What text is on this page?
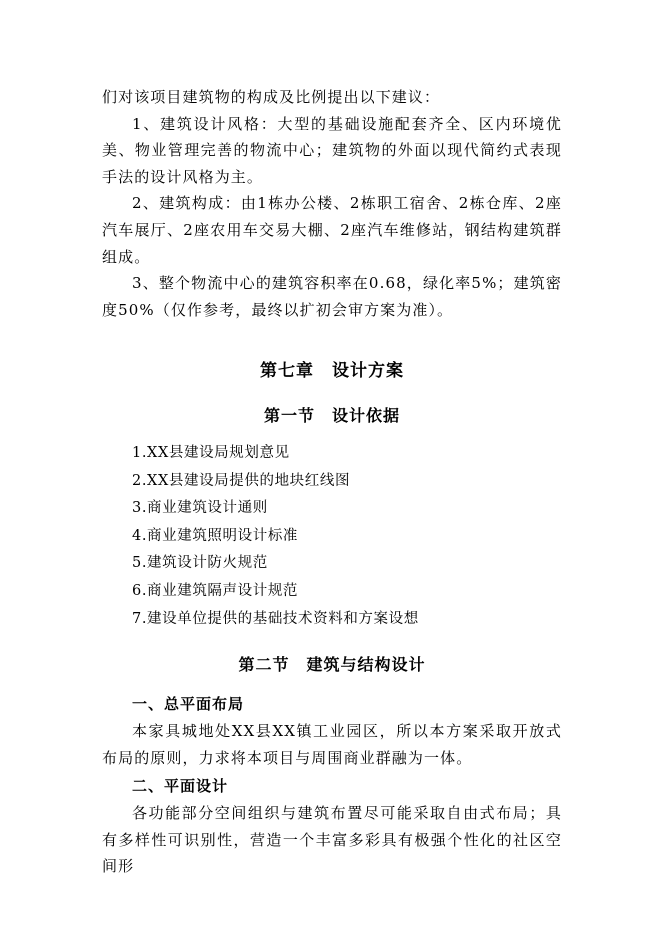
们对该项目建筑物的构成及比例提出以下建议：

1、建筑设计风格：大型的基础设施配套齐全、区内环境优美、物业管理完善的物流中心；建筑物的外面以现代简约式表现手法的设计风格为主。

2、建筑构成：由1栋办公楼、2栋职工宿舍、2栋仓库、2座汽车展厅、2座农用车交易大棚、2座汽车维修站，钢结构建筑群组成。

3、整个物流中心的建筑容积率在0.68，绿化率5%；建筑密度50%（仅作参考，最终以扩初会审方案为准）。

第七章　设计方案
第一节　设计依据
1.XX县建设局规划意见
2.XX县建设局提供的地块红线图
3.商业建筑设计通则
4.商业建筑照明设计标准
5.建筑设计防火规范
6.商业建筑隔声设计规范
7.建设单位提供的基础技术资料和方案设想
第二节　建筑与结构设计
一、总平面布局

本家具城地处XX县XX镇工业园区，所以本方案采取开放式布局的原则，力求将本项目与周围商业群融为一体。

二、平面设计

各功能部分空间组织与建筑布置尽可能采取自由式布局；具有多样性可识别性，营造一个丰富多彩具有极强个性化的社区空间形
